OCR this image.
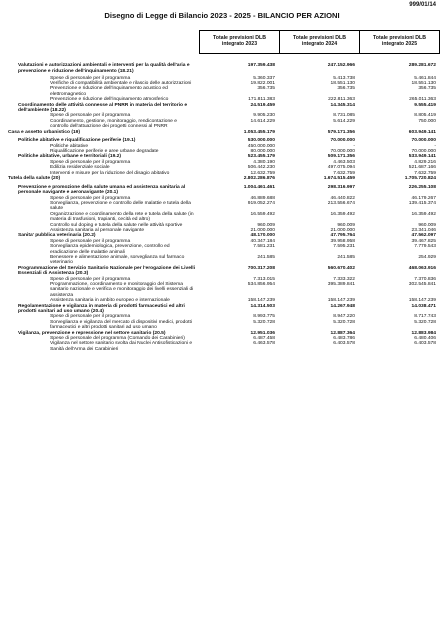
999/01/14
Disegno di Legge di Bilancio 2023 - 2025 - BILANCIO PER AZIONI
Totale previsioni DLB integrato 2023
Totale previsioni DLB integrato 2024
Totale previsioni DLB integrato 2025
Valutazioni e autorizzazioni ambientali e interventi per la qualità dell'aria e prevenzione e riduzione dell'inquinamento (18.21)
197.359.438	247.152.966	289.281.672
Spese di personale per il programma	5.360.337	5.413.738	5.461.844
Verifiche di compatibilità ambientale e rilascio delle autorizzazioni	19.822.001	18.551.130	18.551.130
Prevenzione e riduzione dell'inquinamento acustico ed elettromagnetico
356.735	356.735	356.735
Prevenzione e riduzione dell'inquinamento atmosferico	171.811.383	222.811.363	265.011.363
Coordinamento delle attività connesse al PNRR in materia del territorio e dell'ambiente (18.22)
24.519.459	14.345.314	9.555.419
Spese di personale per il programma	9.905.230	8.731.085	8.805.419
Coordinamento, gestione, monitoraggio, rendicontazione e controllo dell'attuazione dei progetti connessi al PNRR
14.614.229	5.614.229	750.000
Casa e assetto urbanistico (19)	1.053.455.179	579.171.356	603.949.141
Politiche abitative e riqualificazione periferie (19.1)	530.000.000	70.000.000	70.000.000
Politiche abitative	450.000.000	-	-
Riqualificazione periferie e aree urbane degradate	80.000.000	70.000.000	70.000.000
Politiche abitative, urbane e territoriali (19.2)	523.455.179	509.171.356	533.949.141
Spese di personale per il programma	4.380.190	4.463.503	4.829.216
Edilizia residenziale sociale	506.442.230	497.075.094	521.687.166
Interventi e misure per la riduzione del disagio abitativo	12.632.759	7.632.759	7.632.759
Tutela della salute (20)	2.802.286.876	1.674.515.459	1.705.720.824
Prevenzione e promozione della salute umana ed assistenza sanitaria al personale navigante e aeronavigante (20.1)
1.004.461.461	298.316.997	226.255.108
Spese di personale per il programma	46.889.688	46.440.822	46.179.267
Sorveglianza, prevenzione e controllo delle malattie e tutela della salute
919.052.274	213.556.674	139.415.374
Organizzazione e coordinamento della rete e tutela della salute (in materia di trasfusioni, trapianti, cecità ed altro)
16.559.492	16.359.492	16.359.492
Controllo sul doping e tutela della salute nelle attività sportive	960.009	960.009	960.009
Assistenza sanitaria al personale navigante	21.000.000	21.000.000	23.341.046
Sanita' pubblica veterinaria (20.2)	48.170.000	47.795.764	47.562.097
Spese di personale per il programma	40.347.184	39.958.958	39.467.825
Sorveglianza epidemiologica, prevenzione, controllo ed eradicazione delle malattie animali
7.581.231	7.595.231	7.779.543
Benessere e alimentazione animale, sorveglianza sul farmaco veterinario
241.585	241.585	254.929
Programmazione del Servizio Sanitario Nazionale per l'erogazione dei Livelli Essenziali di Assistenza (20.3)
700.317.208	560.670.402	468.063.916
Spese di personale per il programma	7.313.015	7.333.322	7.370.836
Programmazione, coordinamento e monitoraggio del Sistema sanitario nazionale e verifica e monitoraggio dei livelli essenziali di assistenza
534.856.954	395.389.841	302.545.841
Assistenza sanitaria in ambito europeo e internazionale	158.147.239	158.147.239	158.147.239
Regolamentazione e vigilanza in materia di prodotti farmaceutici ed altri prodotti sanitari ad uso umano (20.4)
14.314.503	14.267.948	14.038.471
Spese di personale per il programma	8.993.775	8.947.220	8.717.743
Sorveglianza e vigilanza del mercato di dispositivi medici, prodotti farmaceutici e altri prodotti sanitari ad uso umano
5.320.728	5.320.728	5.320.728
Vigilanza, prevenzione e repressione nel settore sanitario (20.5)	12.951.036	12.887.364	12.883.984
Spese di personale del programma (Comando dei Carabinieri)	6.487.458	6.483.786	6.480.406
Vigilanza nel settore sanitario svolta dai Nuclei Antisofisticazioni e Sanità dell'Arma dei Carabinieri
6.463.578	6.403.578	6.403.578
